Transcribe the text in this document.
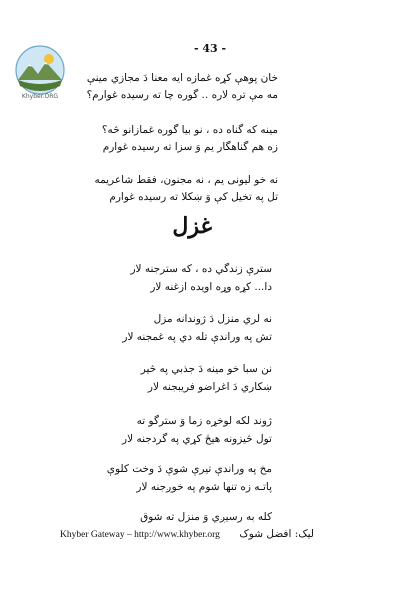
Khyber.ORG
- 43 -
خان پوهې کړه غمازه ایه معنا دَ مجازي مینې
مه مې تره لاره .. گوره چا ته رسیده غوارم؟
مینه که گناه ده ، نو بیا گوره غمازانو څه؟
زه هم گناهگار یم وَ سزا ته رسیده غوارم
نه خو لیونی یم ، نه مجنون، فقط شاعریمه
تل په تخیل کې وَ ښکلا ته رسیده غوارم
غزل
سترې زندگي ده ، که سترجنه لار
دا... کړه وړه اویده ازغنه لار
نه لري منزل دَ ژوندانه مزل
تش په وراندې تله دي په غمجنه لار
نن سبا خو مینه دَ جذبي په څیر
ښکاري دَ اغراضو فریبجنه لار
ژوند لکه لوخړه زما وَ سترگو ته
تول څیزونه هیڅ کړي په گردجنه لار
مخ په وراندې تیرې شوې دَ وخت کلوې
پاتـه زه تنها شوم په خوږجنه لار
کله به رسیږي وَ منزل ته شوق
Khyber Gateway – http://www.khyber.org لیک: افضل شوک
